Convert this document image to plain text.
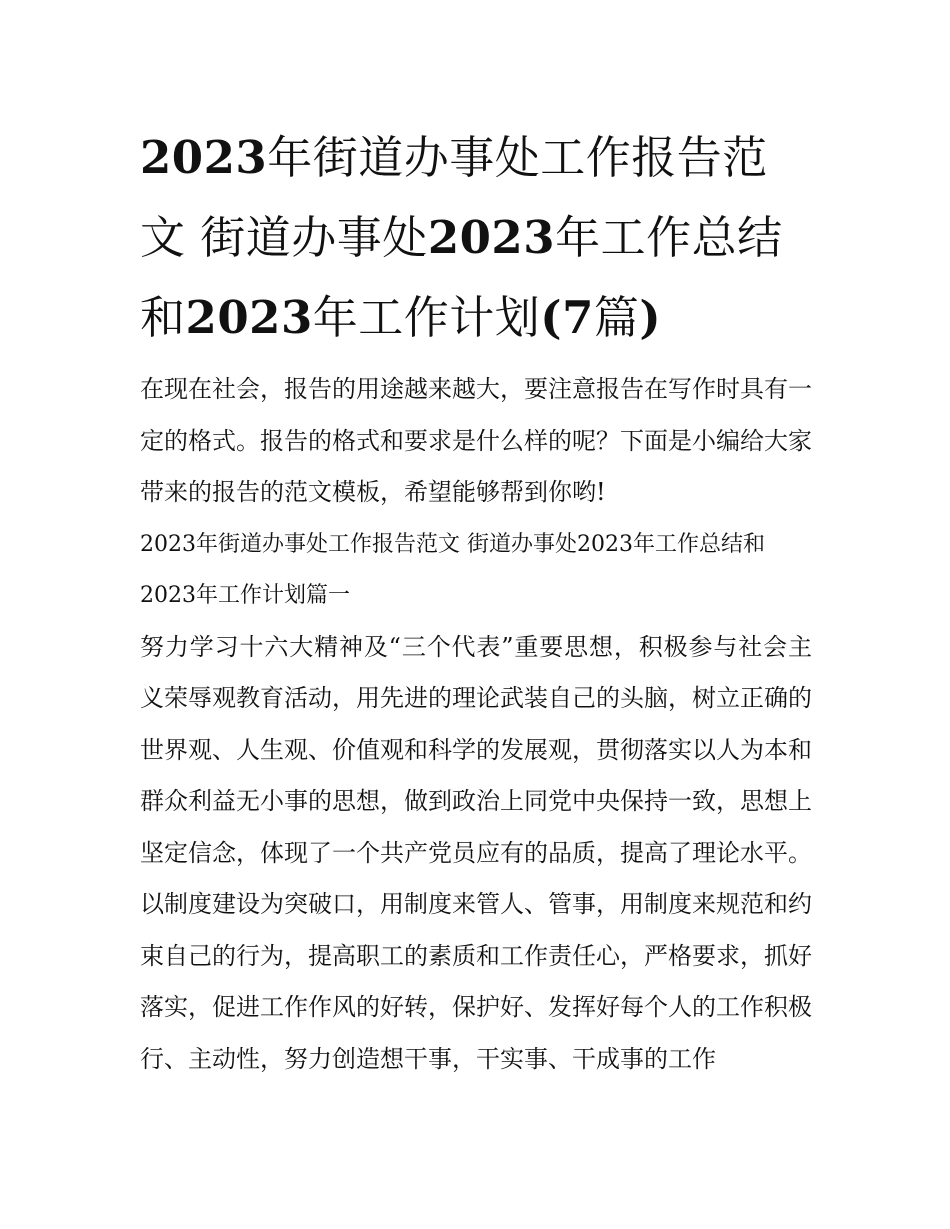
2023年街道办事处工作报告范文 街道办事处2023年工作总结和2023年工作计划(7篇)

在现在社会，报告的用途越来越大，要注意报告在写作时具有一定的格式。报告的格式和要求是什么样的呢？下面是小编给大家带来的报告的范文模板，希望能够帮到你哟!

2023年街道办事处工作报告范文 街道办事处2023年工作总结和2023年工作计划篇一

努力学习十六大精神及“三个代表”重要思想，积极参与社会主义荣辱观教育活动，用先进的理论武装自己的头脑，树立正确的世界观、人生观、价值观和科学的发展观，贯彻落实以人为本和群众利益无小事的思想，做到政治上同党中央保持一致，思想上坚定信念，体现了一个共产党员应有的品质，提高了理论水平。

以制度建设为突破口，用制度来管人、管事，用制度来规范和约束自己的行为，提高职工的素质和工作责任心，严格要求，抓好落实，促进工作作风的好转，保护好、发挥好每个人的工作积极行、主动性，努力创造想干事，干实事、干成事的工作
